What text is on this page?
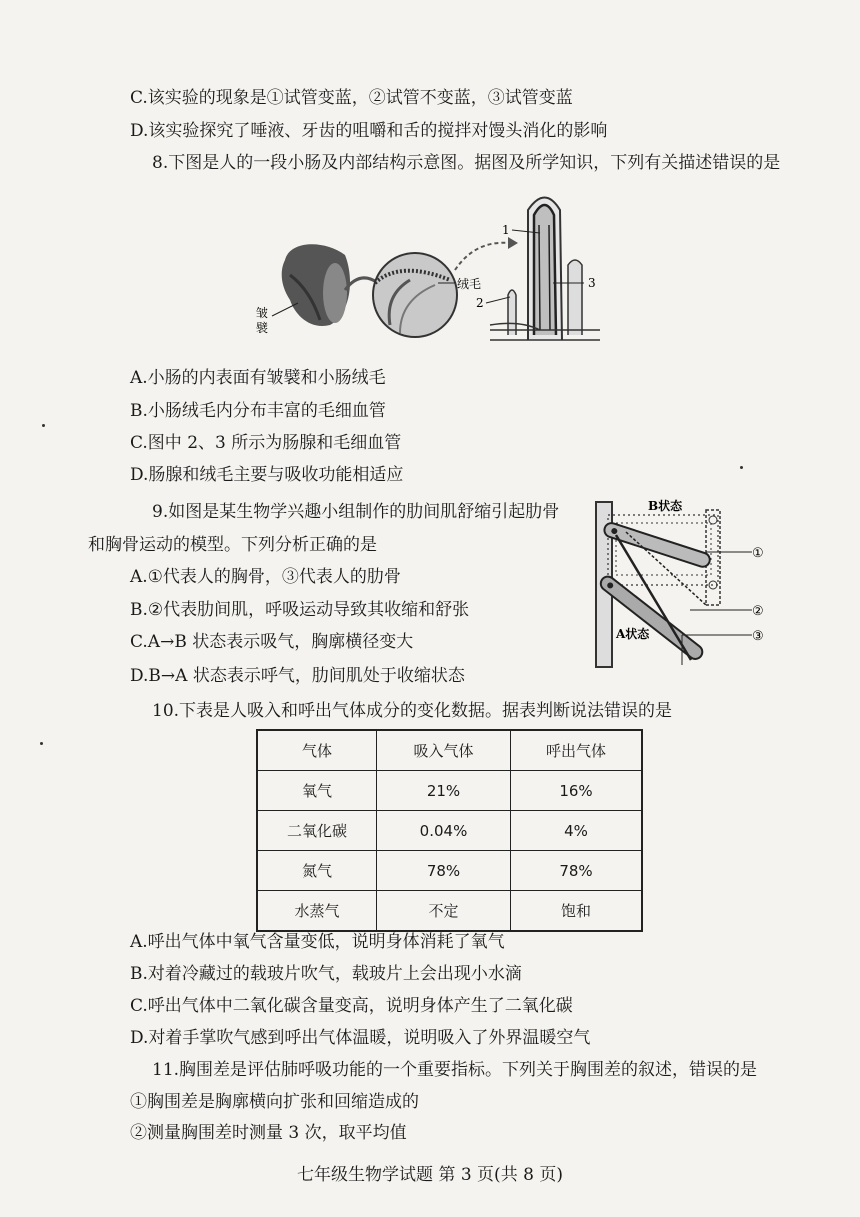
C.该实验的现象是①试管变蓝，②试管不变蓝，③试管变蓝
D.该实验探究了唾液、牙齿的咀嚼和舌的搅拌对馒头消化的影响
8.下图是人的一段小肠及内部结构示意图。据图及所学知识，下列有关描述错误的是
皱
襞
绒毛
1
2
3
A.小肠的内表面有皱襞和小肠绒毛
B.小肠绒毛内分布丰富的毛细血管
C.图中 2、3 所示为肠腺和毛细血管
D.肠腺和绒毛主要与吸收功能相适应
9.如图是某生物学兴趣小组制作的肋间肌舒缩引起肋骨
和胸骨运动的模型。下列分析正确的是
A.①代表人的胸骨，③代表人的肋骨
B.②代表肋间肌，呼吸运动导致其收缩和舒张
C.A→B 状态表示吸气，胸廓横径变大
D.B→A 状态表示呼气，肋间肌处于收缩状态
B状态
A状态
①
②
③
10.下表是人吸入和呼出气体成分的变化数据。据表判断说法错误的是
气体	吸入气体	呼出气体
氧气	21%	16%
二氧化碳	0.04%	4%
氮气	78%	78%
水蒸气	不定	饱和
A.呼出气体中氧气含量变低，说明身体消耗了氧气
B.对着冷藏过的载玻片吹气，载玻片上会出现小水滴
C.呼出气体中二氧化碳含量变高，说明身体产生了二氧化碳
D.对着手掌吹气感到呼出气体温暖，说明吸入了外界温暖空气
11.胸围差是评估肺呼吸功能的一个重要指标。下列关于胸围差的叙述，错误的是
①胸围差是胸廓横向扩张和回缩造成的
②测量胸围差时测量 3 次，取平均值
七年级生物学试题 第 3 页(共 8 页)
